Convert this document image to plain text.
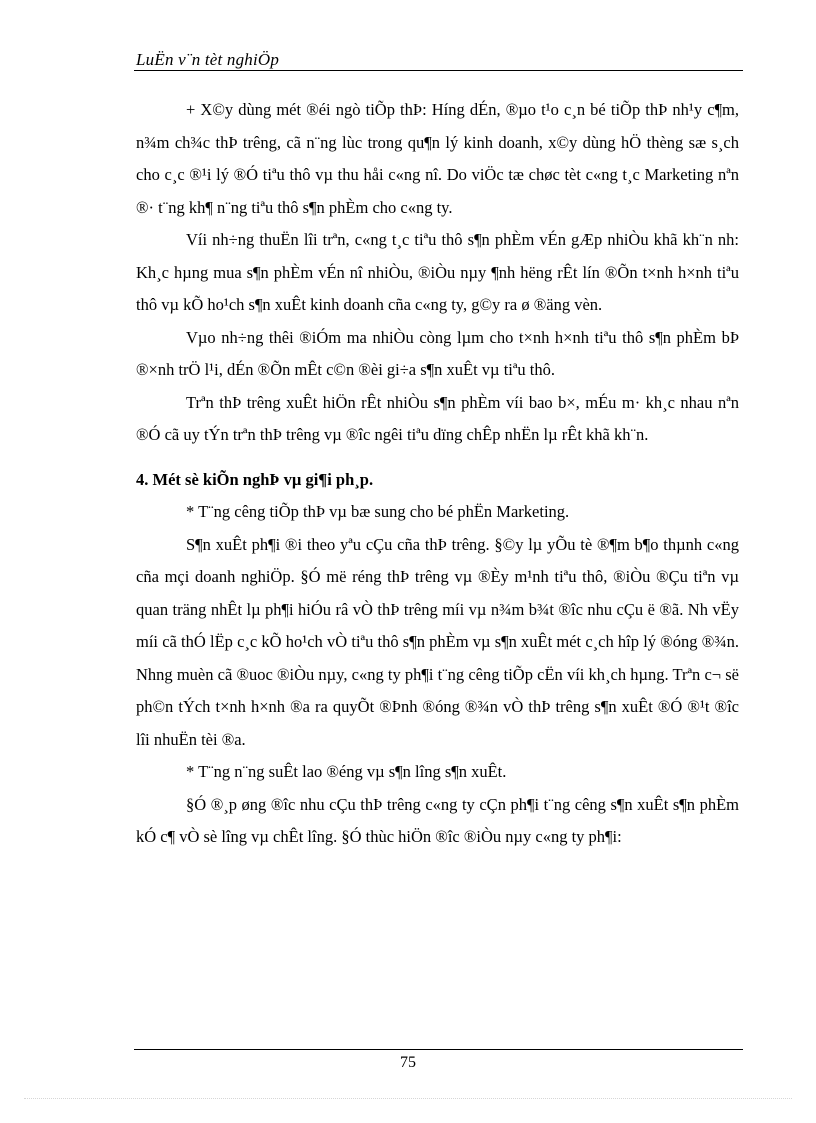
LuËn v¨n tèt nghiÖp

+ X©y dùng mét ®éi ngò tiÕp thÞ: Híng dÉn, ®µo t¹o c¸n bé tiÕp thÞ nh¹y c¶m, n¾m ch¾c thÞ trêng, cã n¨ng lùc trong qu¶n lý kinh doanh, x©y dùng hÖ thèng sæ s¸ch cho c¸c ®¹i lý ®Ó tiªu thô vµ thu håi c«ng nî. Do viÖc tæ chøc tèt c«ng t¸c Marketing nªn ®· t¨ng kh¶ n¨ng tiªu thô s¶n phÈm cho c«ng ty.

Víi nh÷ng thuËn lîi trªn, c«ng t¸c tiªu thô s¶n phÈm vÉn gÆp nhiÒu khã kh¨n nh: Kh¸c hµng mua s¶n phÈm vÉn nî nhiÒu, ®iÒu nµy ¶nh hëng rÊt lín ®Õn t×nh h×nh tiªu thô vµ kÕ ho¹ch s¶n xuÊt kinh doanh cña c«ng ty, g©y ra ø ®äng vèn.

Vµo nh÷ng thêi ®iÓm ma nhiÒu còng lµm cho t×nh h×nh tiªu thô s¶n phÈm bÞ ®×nh trÖ l¹i, dÉn ®Õn mÊt c©n ®èi gi÷a s¶n xuÊt vµ tiªu thô.

Trªn thÞ trêng xuÊt hiÖn rÊt nhiÒu s¶n phÈm víi bao b×, mÉu m· kh¸c nhau nªn ®Ó cã uy tÝn trªn thÞ trêng vµ ®îc ngêi tiªu dïng chÊp nhËn lµ rÊt khã kh¨n.

4. Mét sè kiÕn nghÞ vµ gi¶i ph¸p.

* T¨ng cêng tiÕp thÞ vµ bæ sung cho bé phËn Marketing.

S¶n xuÊt ph¶i ®i theo yªu cÇu cña thÞ trêng. §©y lµ yÕu tè ®¶m b¶o thµnh c«ng cña mçi doanh nghiÖp. §Ó më réng thÞ trêng vµ ®Èy m¹nh tiªu thô, ®iÒu ®Çu tiªn vµ quan träng nhÊt lµ ph¶i hiÓu râ vÒ thÞ trêng míi vµ n¾m b¾t ®îc nhu cÇu ë ®ã. Nh vËy míi cã thÓ lËp c¸c kÕ ho¹ch vÒ tiªu thô s¶n phÈm vµ s¶n xuÊt mét c¸ch hîp lý ®óng ®¾n. Nhng muèn cã ®uoc ®iÒu nµy, c«ng ty ph¶i t¨ng cêng tiÕp cËn víi kh¸ch hµng. Trªn c¬ së ph©n tÝch t×nh h×nh ®a ra quyÕt ®Þnh ®óng ®¾n vÒ thÞ trêng s¶n xuÊt ®Ó ®¹t ®îc lîi nhuËn tèi ®a.

* T¨ng n¨ng suÊt lao ®éng vµ s¶n lîng s¶n xuÊt.

§Ó ®¸p øng ®îc nhu cÇu thÞ trêng c«ng ty cÇn ph¶i t¨ng cêng s¶n xuÊt s¶n phÈm kÓ c¶ vÒ sè lîng vµ chÊt lîng. §Ó thùc hiÖn ®îc ®iÒu nµy c«ng ty ph¶i:

75
